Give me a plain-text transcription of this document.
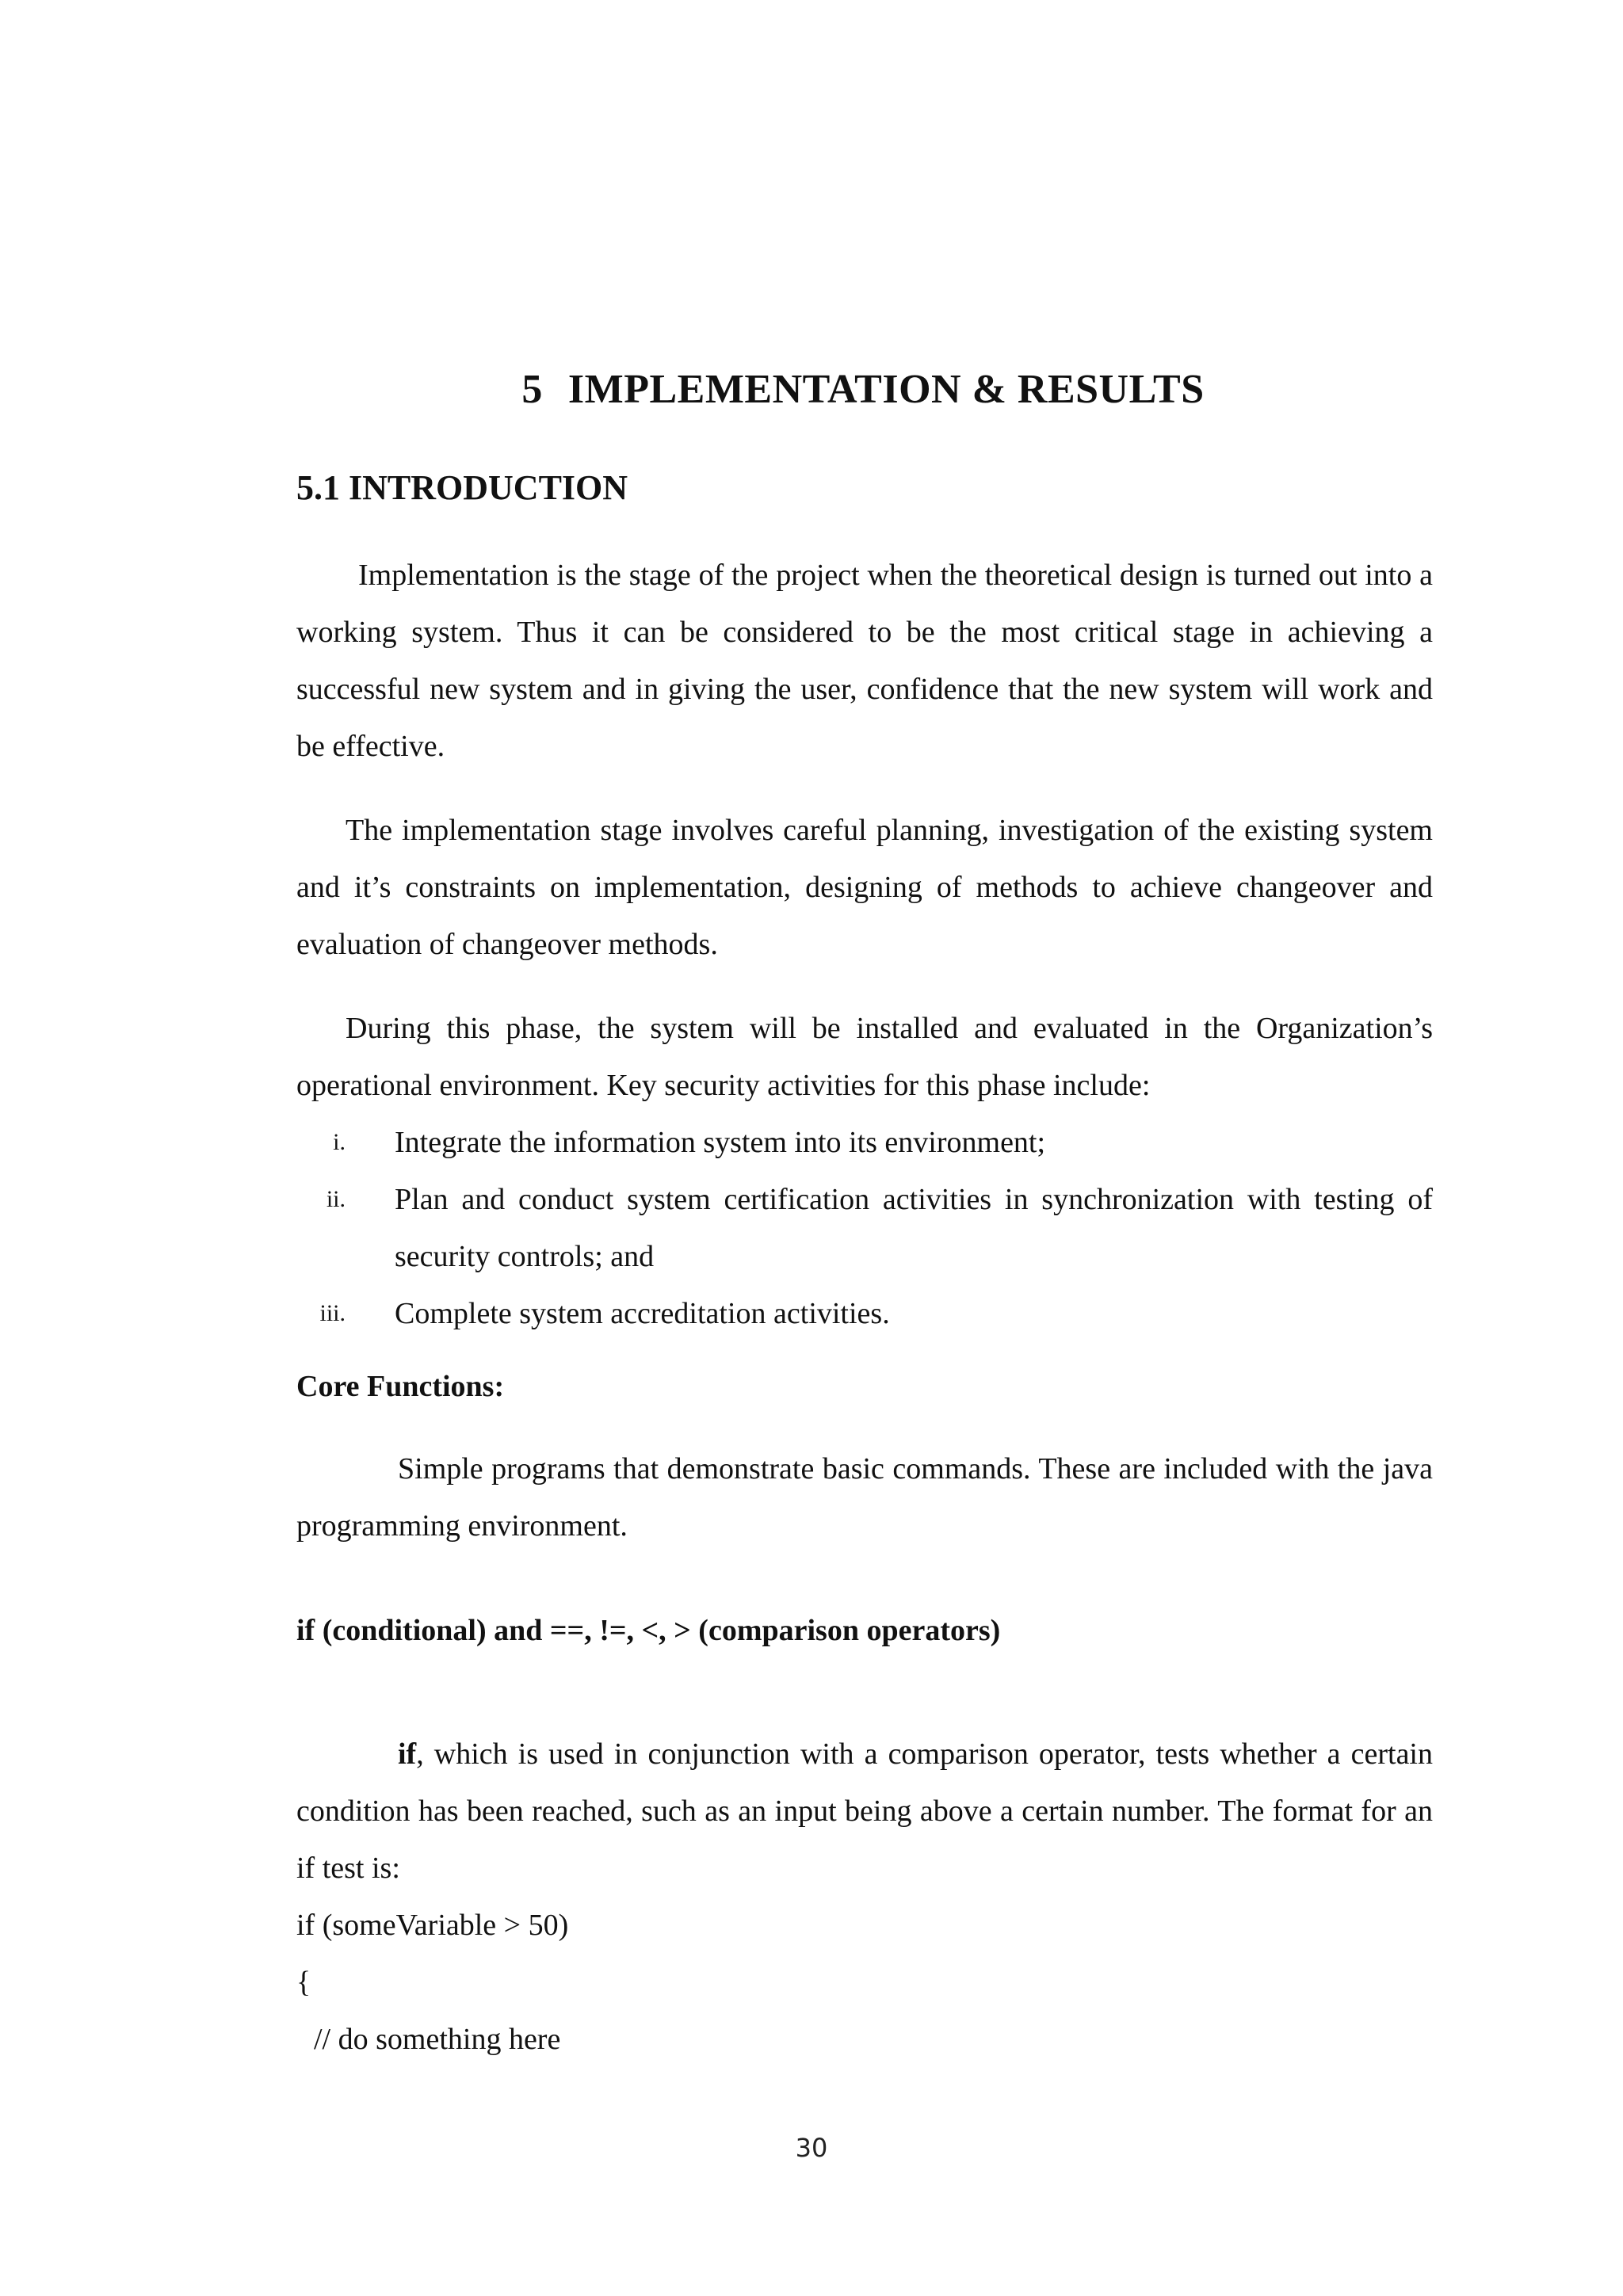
5 IMPLEMENTATION & RESULTS
5.1 INTRODUCTION

Implementation is the stage of the project when the theoretical design is turned out into a working system. Thus it can be considered to be the most critical stage in achieving a successful new system and in giving the user, confidence that the new system will work and be effective.

The implementation stage involves careful planning, investigation of the existing system and it’s constraints on implementation, designing of methods to achieve changeover and evaluation of changeover methods.

During this phase, the system will be installed and evaluated in the Organization’s operational environment. Key security activities for this phase include:

i. Integrate the information system into its environment;
ii. Plan and conduct system certification activities in synchronization with testing of security controls; and
iii. Complete system accreditation activities.
Core Functions:

Simple programs that demonstrate basic commands. These are included with the java programming environment.

if (conditional) and ==, !=, <, > (comparison operators)

if, which is used in conjunction with a comparison operator, tests whether a certain condition has been reached, such as an input being above a certain number. The format for an if test is:

if (someVariable > 50)
{
// do something here
30
